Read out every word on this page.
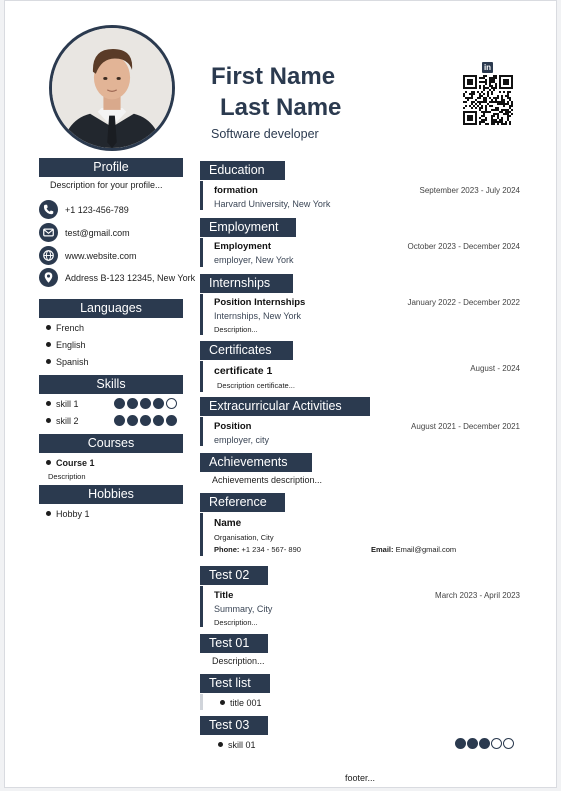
First Name
Last Name
Software developer
in
Profile
Description for your profile...
+1 123-456-789
test@gmail.com
www.website.com
Address B-123 12345, New York
Languages
French
English
Spanish
Skills
skill 1
skill 2
Courses
Course 1
Description
Hobbies
Hobby 1
Education
formation
Harvard University, New York
September 2023 - July 2024
Employment
Employment
employer, New York
October 2023 - December 2024
Internships
Position Internships
Internships, New York
Description...
January 2022 - December 2022
Certificates
certificate 1
Description certificate...
August - 2024
Extracurricular Activities
Position
employer, city
August 2021 - December 2021
Achievements
Achievements description...
Reference
Name
Organisation, City
Phone: +1 234 - 567- 890	Email: Email@gmail.com
Test 02
Title
Summary, City
Description...
March 2023 - April 2023
Test 01
Description...
Test list
title 001
Test 03
skill 01
footer...
